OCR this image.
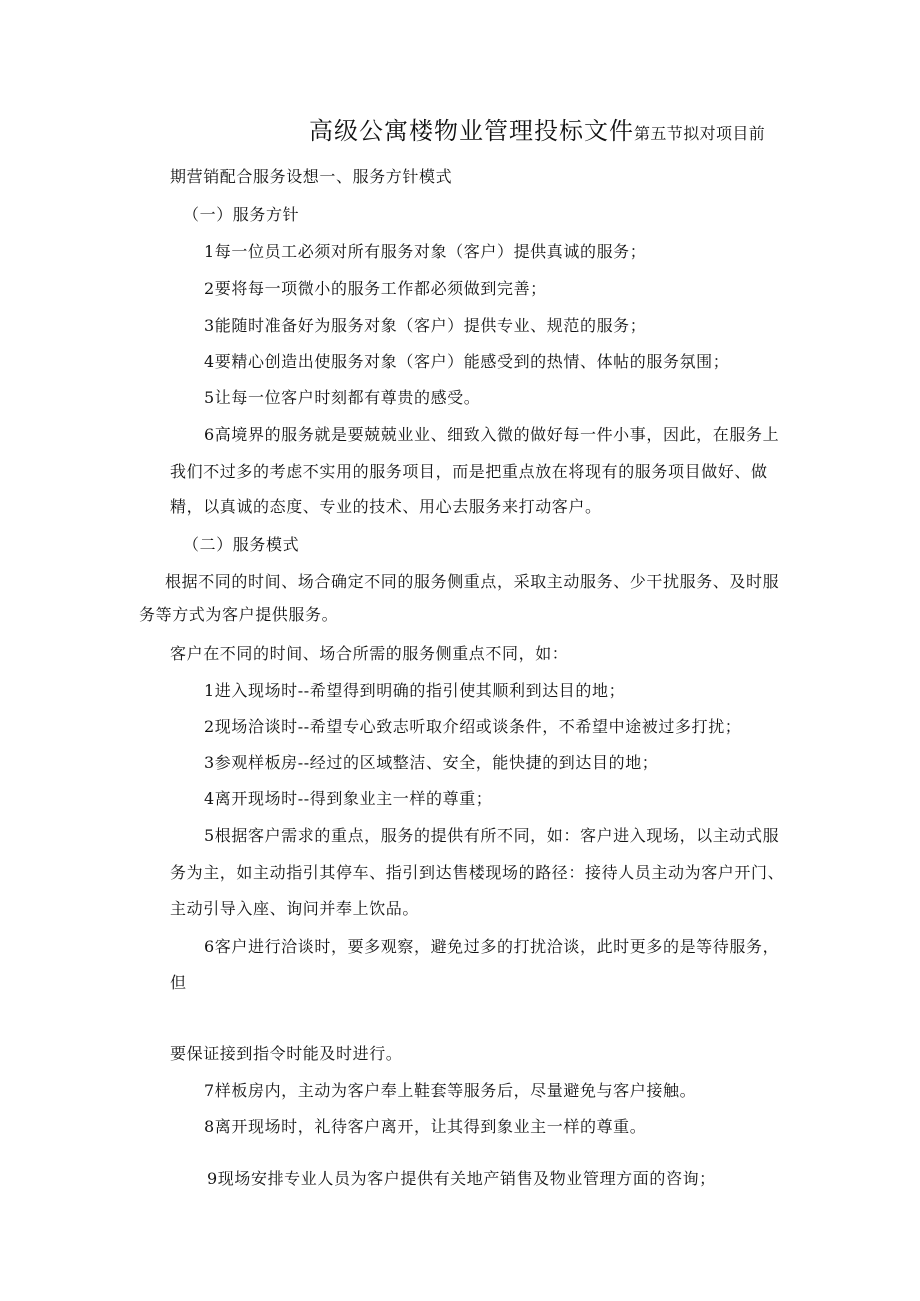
高级公寓楼物业管理投标文件第五节拟对项目前
期营销配合服务设想一、服务方针模式
（一）服务方针
1每一位员工必须对所有服务对象（客户）提供真诚的服务；
2要将每一项微小的服务工作都必须做到完善；
3能随时准备好为服务对象（客户）提供专业、规范的服务；
4要精心创造出使服务对象（客户）能感受到的热情、体帖的服务氛围；
5让每一位客户时刻都有尊贵的感受。
6高境界的服务就是要兢兢业业、细致入微的做好每一件小事，因此，在服务上
我们不过多的考虑不实用的服务项目，而是把重点放在将现有的服务项目做好、做
精，以真诚的态度、专业的技术、用心去服务来打动客户。
（二）服务模式
根据不同的时间、场合确定不同的服务侧重点，采取主动服务、少干扰服务、及时服
务等方式为客户提供服务。
客户在不同的时间、场合所需的服务侧重点不同，如：
1进入现场时--希望得到明确的指引使其顺利到达目的地；
2现场洽谈时--希望专心致志听取介绍或谈条件，不希望中途被过多打扰；
3参观样板房--经过的区域整洁、安全，能快捷的到达目的地；
4离开现场时--得到象业主一样的尊重；
5根据客户需求的重点，服务的提供有所不同，如：客户进入现场，以主动式服
务为主，如主动指引其停车、指引到达售楼现场的路径：接待人员主动为客户开门、
主动引导入座、询问并奉上饮品。
6客户进行洽谈时，要多观察，避免过多的打扰洽谈，此时更多的是等待服务，
但
要保证接到指令时能及时进行。
7样板房内，主动为客户奉上鞋套等服务后，尽量避免与客户接触。
8离开现场时，礼待客户离开，让其得到象业主一样的尊重。
9现场安排专业人员为客户提供有关地产销售及物业管理方面的咨询；
